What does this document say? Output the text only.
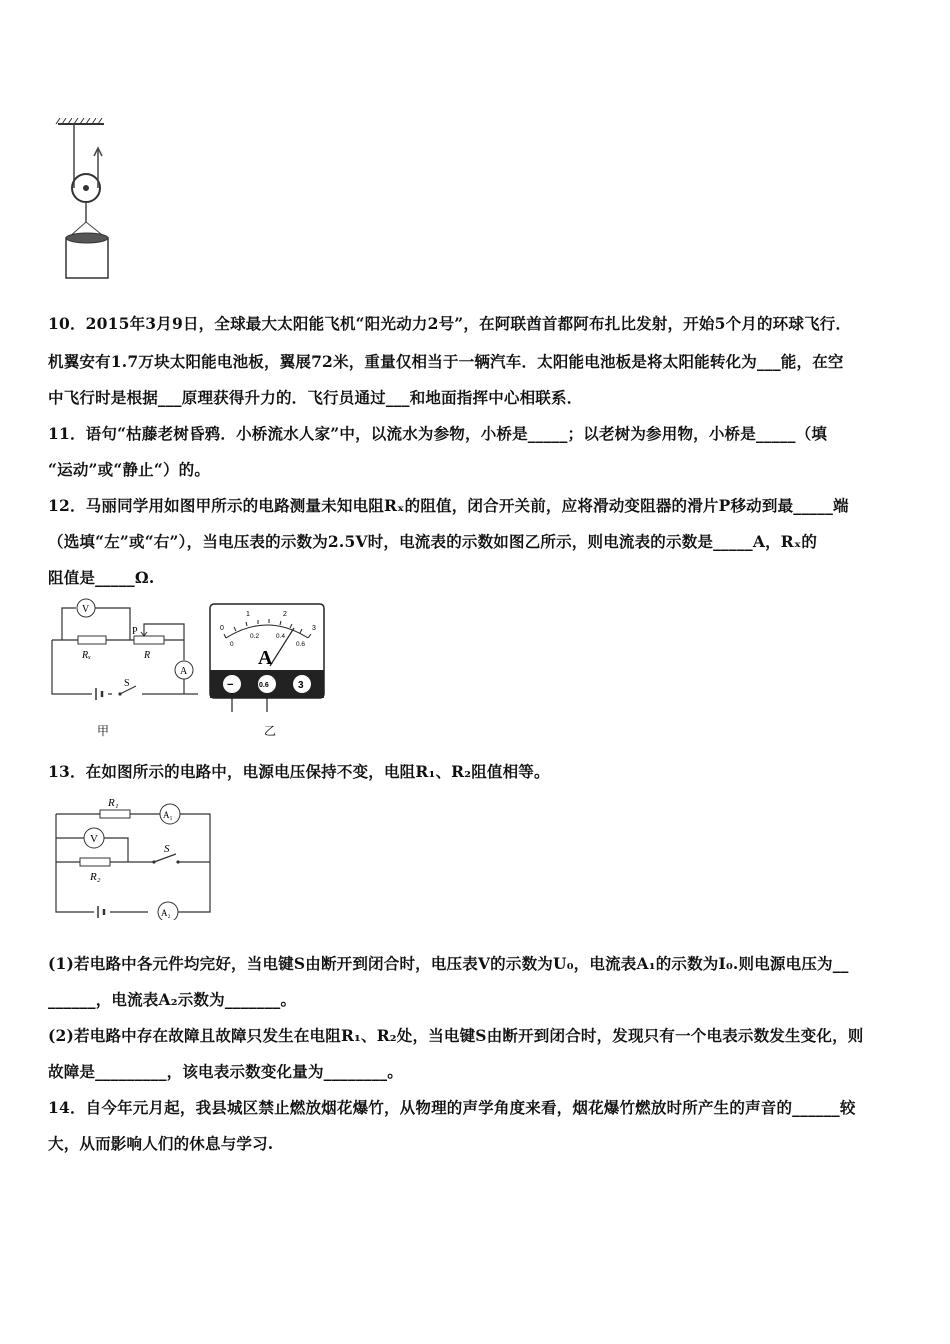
10．2015年3月9日，全球最大太阳能飞机“阳光动力2号”，在阿联酋首都阿布扎比发射，开始5个月的环球飞行．
机翼安有1.7万块太阳能电池板，翼展72米，重量仅相当于一辆汽车．太阳能电池板是将太阳能转化为___能，在空
中飞行时是根据___原理获得升力的．飞行员通过___和地面指挥中心相联系．
11．语句“枯藤老树昏鸦．小桥流水人家”中，以流水为参物，小桥是_____；以老树为参用物，小桥是_____（填
“运动”或“静止“）的。
12．马丽同学用如图甲所示的电路测量未知电阻Rₓ的阻值，闭合开关前，应将滑动变阻器的滑片P移动到最_____端
（选填“左”或“右”），当电压表的示数为2.5V时，电流表的示数如图乙所示，则电流表的示数是_____A，Rₓ的
阻值是_____Ω.
A
V
P
Rₓ	R
S
甲
0
1	2
3
0
0.2	0.4
0.6
A
−	0.6	3
乙
13．在如图所示的电路中，电源电压保持不变，电阻R₁、R₂阻值相等。
R₁
A₁
A₂
V
R₂
S
(1)若电路中各元件均完好，当电键S由断开到闭合时，电压表V的示数为U₀，电流表A₁的示数为I₀.则电源电压为__
______，电流表A₂示数为_______。
(2)若电路中存在故障且故障只发生在电阻R₁、R₂处，当电键S由断开到闭合时，发现只有一个电表示数发生变化，则
故障是_________，该电表示数变化量为________。
14．自今年元月起，我县城区禁止燃放烟花爆竹，从物理的声学角度来看，烟花爆竹燃放时所产生的声音的______较
大，从而影响人们的休息与学习.
